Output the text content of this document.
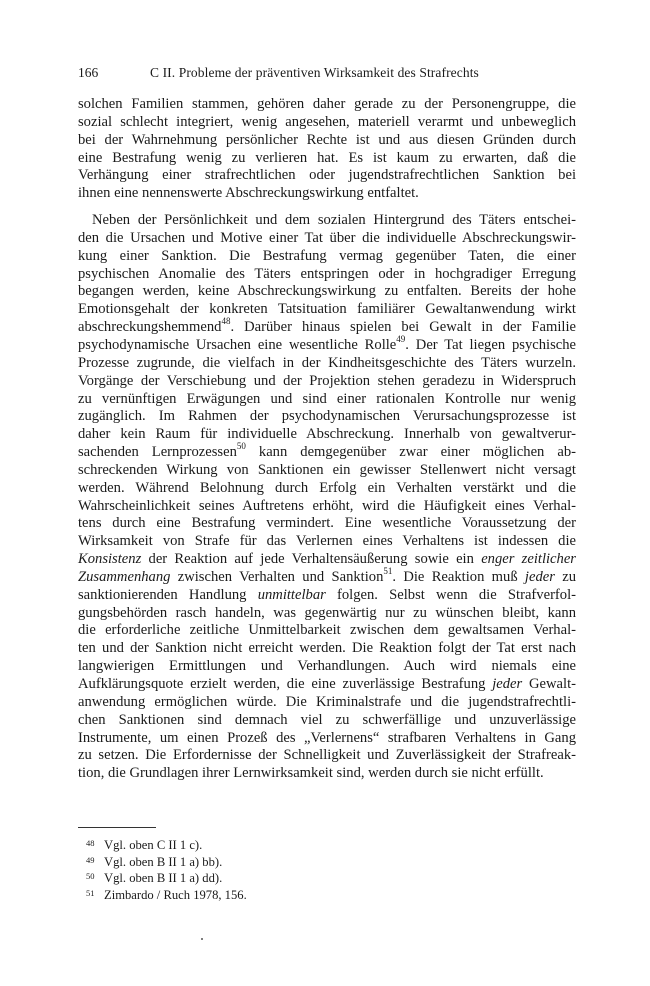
166	C II. Probleme der präventiven Wirksamkeit des Strafrechts

solchen Familien stammen, gehören daher gerade zu der Personengruppe, die

sozial schlecht integriert, wenig angesehen, materiell verarmt und unbeweglich

bei der Wahrnehmung persönlicher Rechte ist und aus diesen Gründen durch

eine Bestrafung wenig zu verlieren hat. Es ist kaum zu erwarten, daß die

Verhängung einer strafrechtlichen oder jugendstrafrechtlichen Sanktion bei

ihnen eine nennenswerte Abschreckungswirkung entfaltet.

Neben der Persönlichkeit und dem sozialen Hintergrund des Täters entschei-

den die Ursachen und Motive einer Tat über die individuelle Abschreckungswir-

kung einer Sanktion. Die Bestrafung vermag gegenüber Taten, die einer

psychischen Anomalie des Täters entspringen oder in hochgradiger Erregung

begangen werden, keine Abschreckungswirkung zu entfalten. Bereits der hohe

Emotionsgehalt der konkreten Tatsituation familiärer Gewaltanwendung wirkt

abschreckungshemmend$^{48}$. Darüber hinaus spielen bei Gewalt in der Familie

psychodynamische Ursachen eine wesentliche Rolle$^{49}$. Der Tat liegen psychische

Prozesse zugrunde, die vielfach in der Kindheitsgeschichte des Täters wurzeln.

Vorgänge der Verschiebung und der Projektion stehen geradezu in Widerspruch

zu vernünftigen Erwägungen und sind einer rationalen Kontrolle nur wenig

zugänglich. Im Rahmen der psychodynamischen Verursachungsprozesse ist

daher kein Raum für individuelle Abschreckung. Innerhalb von gewaltverur-

sachenden Lernprozessen$^{50}$ kann demgegenüber zwar einer möglichen ab-

schreckenden Wirkung von Sanktionen ein gewisser Stellenwert nicht versagt

werden. Während Belohnung durch Erfolg ein Verhalten verstärkt und die

Wahrscheinlichkeit seines Auftretens erhöht, wird die Häufigkeit eines Verhal-

tens durch eine Bestrafung vermindert. Eine wesentliche Voraussetzung der

Wirksamkeit von Strafe für das Verlernen eines Verhaltens ist indessen die

Konsistenz der Reaktion auf jede Verhaltensäußerung sowie ein enger zeitlicher

Zusammenhang zwischen Verhalten und Sanktion$^{51}$. Die Reaktion muß jeder zu

sanktionierenden Handlung unmittelbar folgen. Selbst wenn die Strafverfol-

gungsbehörden rasch handeln, was gegenwärtig nur zu wünschen bleibt, kann

die erforderliche zeitliche Unmittelbarkeit zwischen dem gewaltsamen Verhal-

ten und der Sanktion nicht erreicht werden. Die Reaktion folgt der Tat erst nach

langwierigen Ermittlungen und Verhandlungen. Auch wird niemals eine

Aufklärungsquote erzielt werden, die eine zuverlässige Bestrafung jeder Gewalt-

anwendung ermöglichen würde. Die Kriminalstrafe und die jugendstrafrechtli-

chen Sanktionen sind demnach viel zu schwerfällige und unzuverlässige

Instrumente, um einen Prozeß des „Verlernens“ strafbaren Verhaltens in Gang

zu setzen. Die Erfordernisse der Schnelligkeit und Zuverlässigkeit der Strafreak-

tion, die Grundlagen ihrer Lernwirksamkeit sind, werden durch sie nicht erfüllt.

48 Vgl. oben C II 1 c).
49 Vgl. oben B II 1 a) bb).
50 Vgl. oben B II 1 a) dd).
51 Zimbardo / Ruch 1978, 156.
